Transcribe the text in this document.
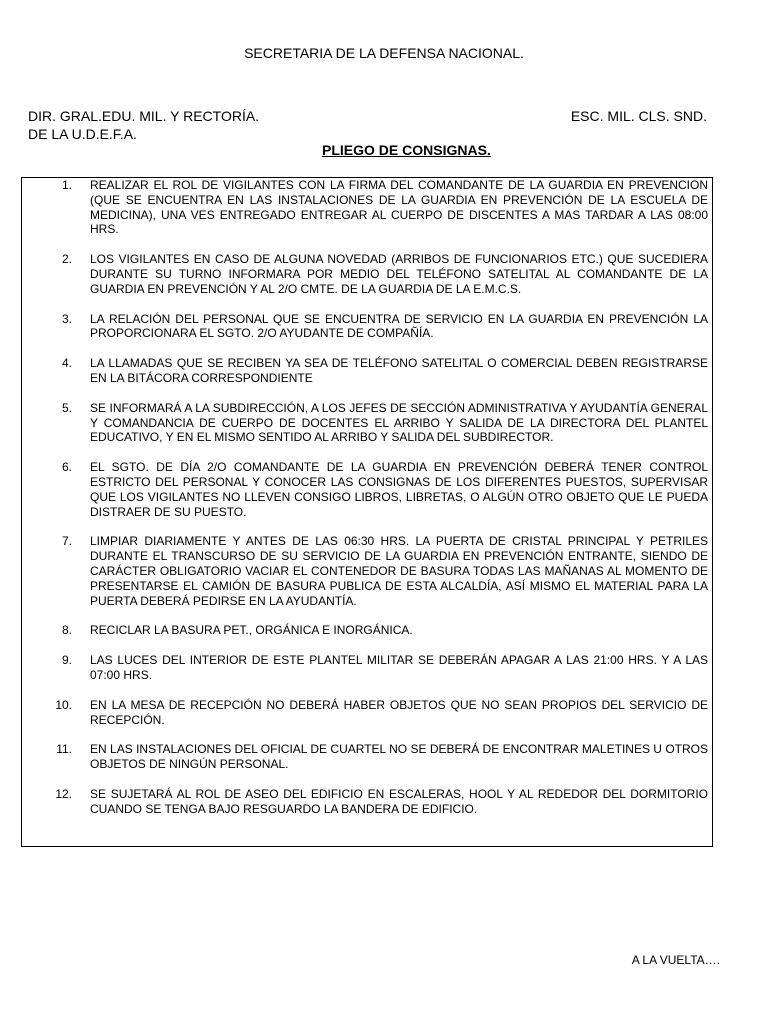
SECRETARIA DE LA DEFENSA NACIONAL.
DIR. GRAL.EDU. MIL. Y RECTORÍA.
DE LA U.D.E.F.A.
ESC. MIL. CLS. SND.
PLIEGO DE CONSIGNAS.
1. REALIZAR EL ROL DE VIGILANTES CON LA FIRMA DEL COMANDANTE DE LA GUARDIA EN PREVENCION (QUE SE ENCUENTRA EN LAS INSTALACIONES DE LA GUARDIA EN PREVENCIÓN DE LA ESCUELA DE MEDICINA), UNA VES ENTREGADO ENTREGAR AL CUERPO DE DISCENTES A MAS TARDAR A LAS 08:00 HRS.
2. LOS VIGILANTES EN CASO DE ALGUNA NOVEDAD (ARRIBOS DE FUNCIONARIOS ETC.) QUE SUCEDIERA DURANTE SU TURNO INFORMARA POR MEDIO DEL TELÉFONO SATELITAL AL COMANDANTE DE LA GUARDIA EN PREVENCIÓN Y AL 2/O CMTE. DE LA GUARDIA DE LA E.M.C.S.
3. LA RELACIÓN DEL PERSONAL QUE SE ENCUENTRA DE SERVICIO EN LA GUARDIA EN PREVENCIÓN LA PROPORCIONARA EL SGTO. 2/O AYUDANTE DE COMPAÑÍA.
4. LA LLAMADAS QUE SE RECIBEN YA SEA DE TELÉFONO SATELITAL O COMERCIAL DEBEN REGISTRARSE EN LA BITÁCORA CORRESPONDIENTE
5. SE INFORMARÁ A LA SUBDIRECCIÓN, A LOS JEFES DE SECCIÓN ADMINISTRATIVA Y AYUDANTÍA GENERAL Y COMANDANCIA DE CUERPO DE DOCENTES EL ARRIBO Y SALIDA DE LA DIRECTORA DEL PLANTEL EDUCATIVO, Y EN EL MISMO SENTIDO AL ARRIBO Y SALIDA DEL SUBDIRECTOR.
6. EL SGTO. DE DÍA 2/O COMANDANTE DE LA GUARDIA EN PREVENCIÓN DEBERÁ TENER CONTROL ESTRICTO DEL PERSONAL Y CONOCER LAS CONSIGNAS DE LOS DIFERENTES PUESTOS, SUPERVISAR QUE LOS VIGILANTES NO LLEVEN CONSIGO LIBROS, LIBRETAS, O ALGÚN OTRO OBJETO QUE LE PUEDA DISTRAER DE SU PUESTO.
7. LIMPIAR DIARIAMENTE Y ANTES DE LAS 06:30 HRS. LA PUERTA DE CRISTAL PRINCIPAL Y PETRILES DURANTE EL TRANSCURSO DE SU SERVICIO DE LA GUARDIA EN PREVENCIÓN ENTRANTE, SIENDO DE CARÁCTER OBLIGATORIO VACIAR EL CONTENEDOR DE BASURA TODAS LAS MAÑANAS AL MOMENTO DE PRESENTARSE EL CAMIÓN DE BASURA PUBLICA DE ESTA ALCALDÍA, ASÍ MISMO EL MATERIAL PARA LA PUERTA DEBERÁ PEDIRSE EN LA AYUDANTÍA.
8. RECICLAR LA BASURA PET., ORGÁNICA E INORGÁNICA.
9. LAS LUCES DEL INTERIOR DE ESTE PLANTEL MILITAR SE DEBERÁN APAGAR A LAS 21:00 HRS. Y A LAS 07:00 HRS.
10. EN LA MESA DE RECEPCIÓN NO DEBERÁ HABER OBJETOS QUE NO SEAN PROPIOS DEL SERVICIO DE RECEPCIÓN.
11. EN LAS INSTALACIONES DEL OFICIAL DE CUARTEL NO SE DEBERÁ DE ENCONTRAR MALETINES U OTROS OBJETOS DE NINGÚN PERSONAL.
12. SE SUJETARÁ AL ROL DE ASEO DEL EDIFICIO EN ESCALERAS, HOOL Y AL REDEDOR DEL DORMITORIO CUANDO SE TENGA BAJO RESGUARDO LA BANDERA DE EDIFICIO.
A LA VUELTA….
